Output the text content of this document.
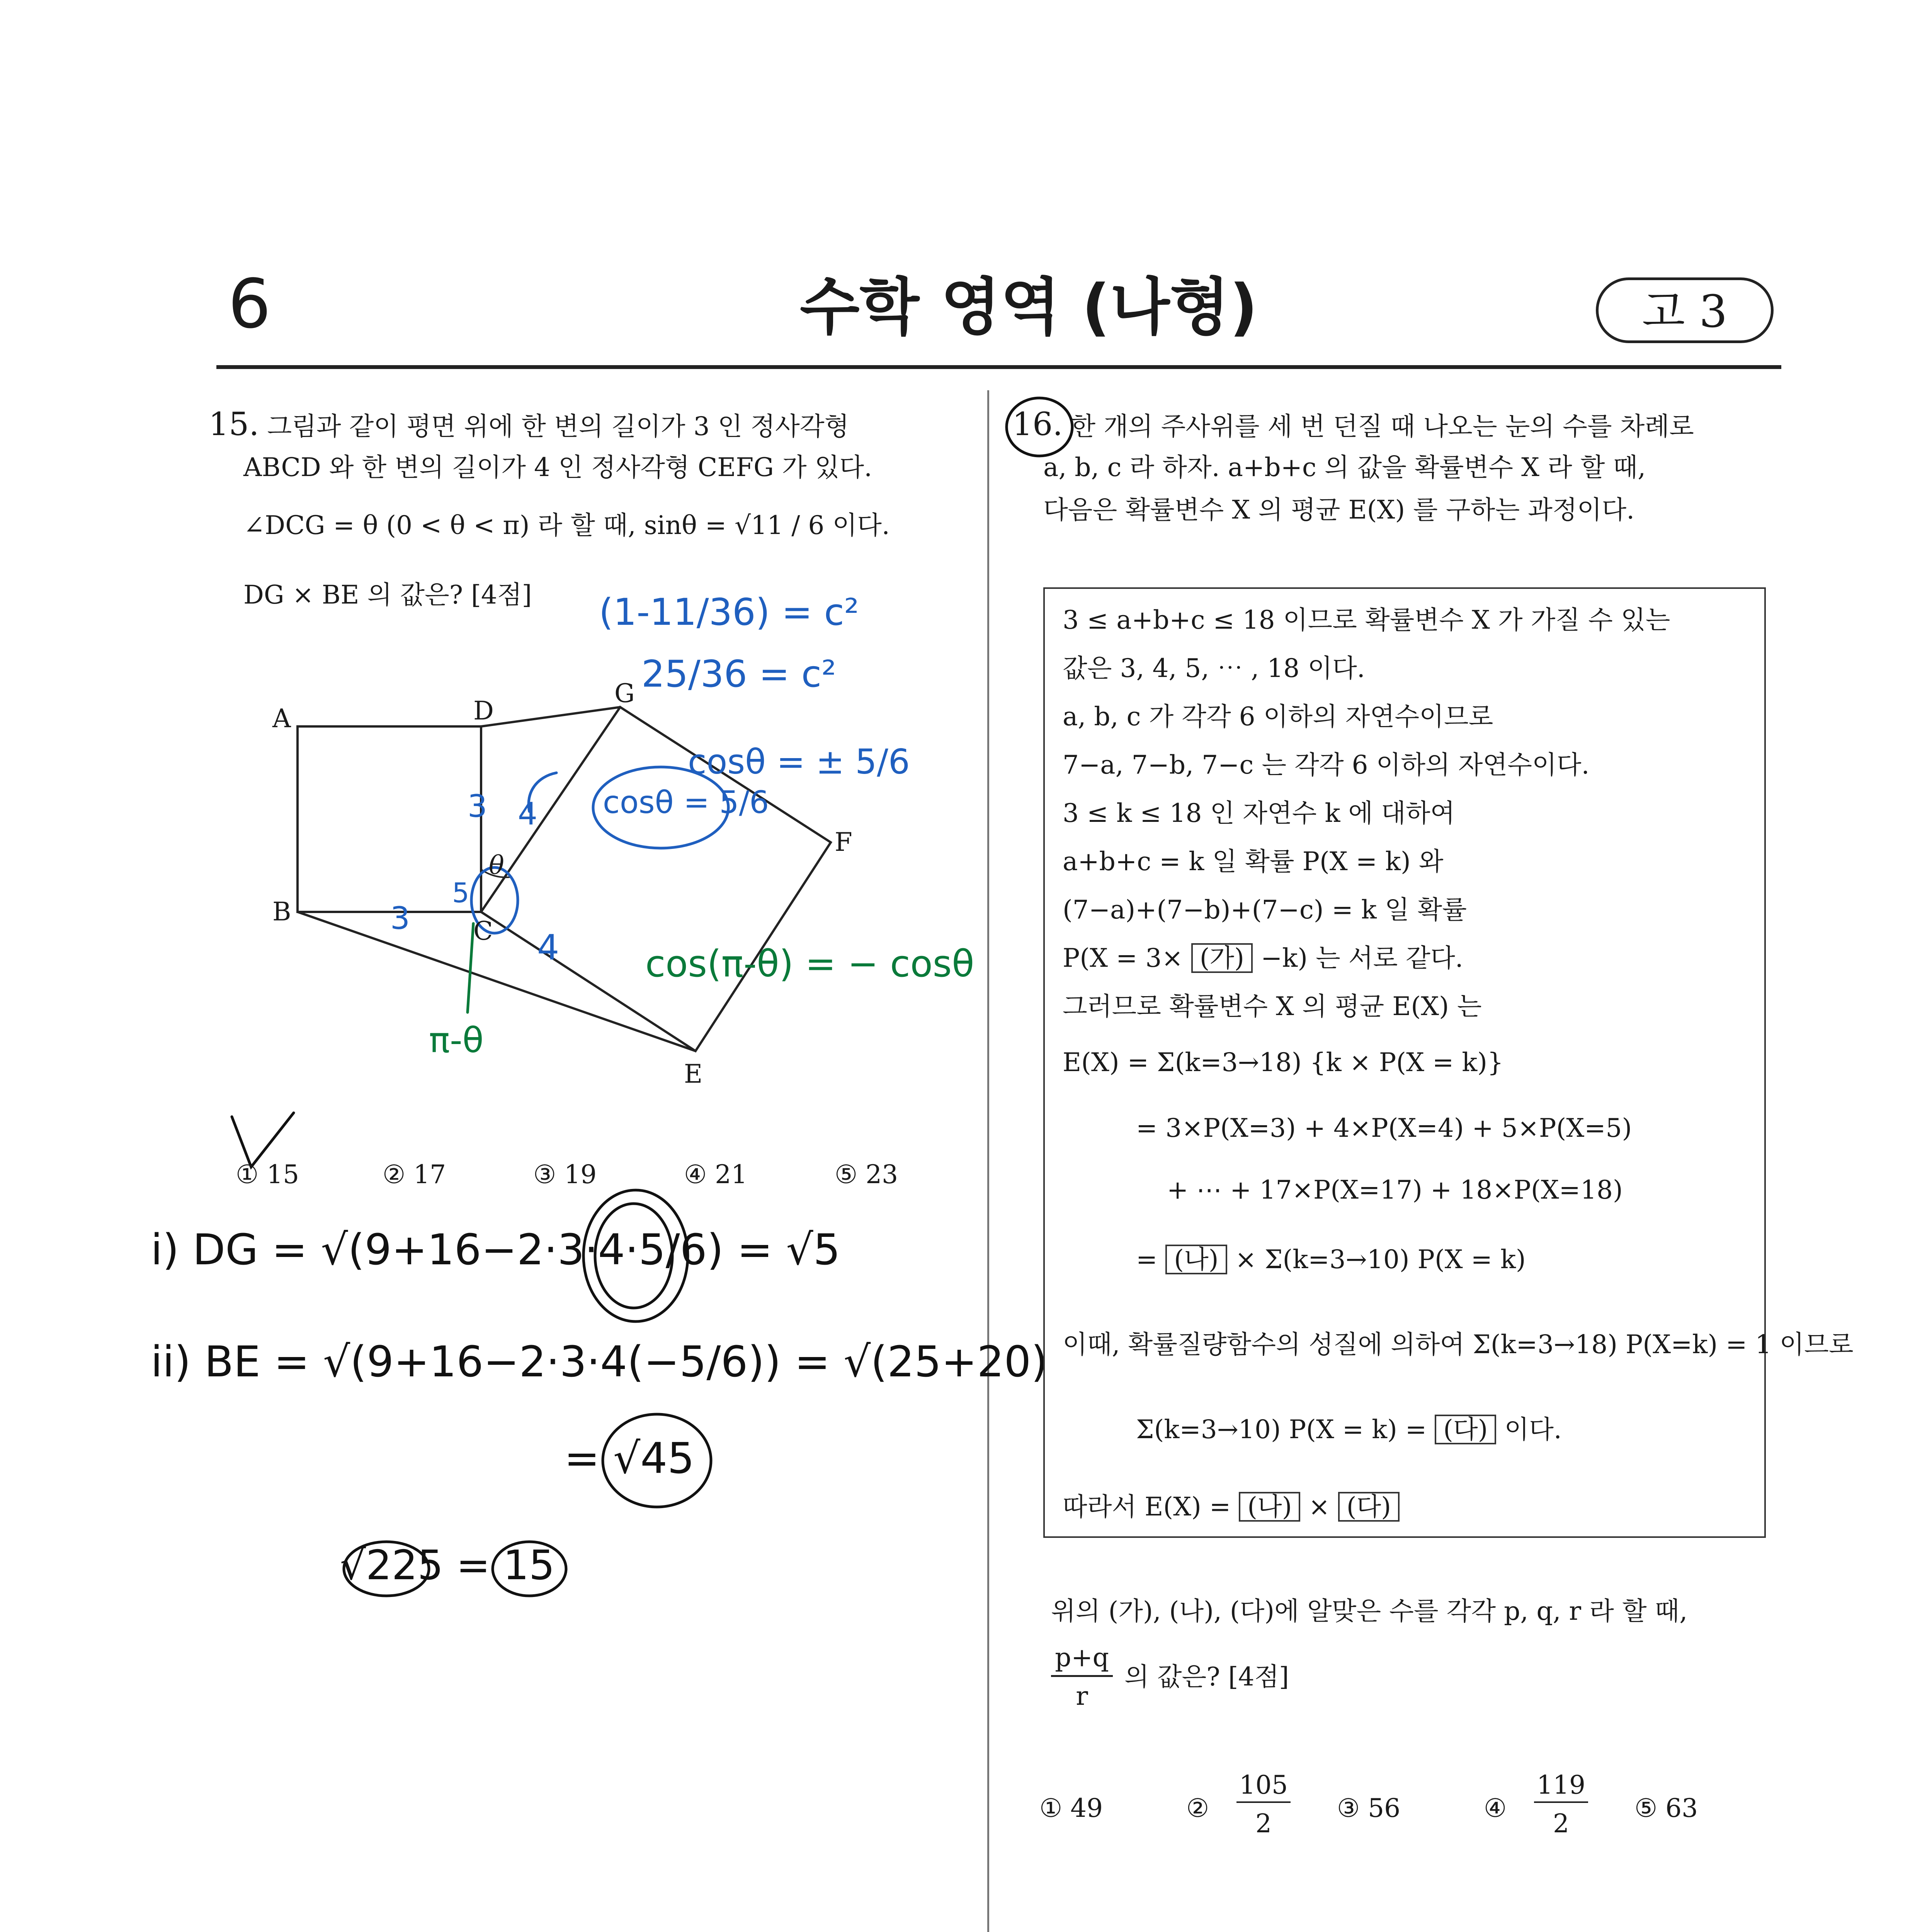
6	수학 영역 (나형)	고 3
15. 그림과 같이 평면 위에 한 변의 길이가 3 인 정사각형
ABCD 와 한 변의 길이가 4 인 정사각형 CEFG 가 있다.
∠DCG = θ (0 < θ < π) 라 할 때, sinθ = √11 / 6 이다.
DG × BE 의 값은? [4점]
A	D
G
F
B
C
E
θ
① 15	② 17	③ 19	④ 21	⑤ 23
(1-11/36) = c²
25/36 = c²
cosθ = ± 5/6
cosθ = 5/6
3 4
4
3
5
cos(π-θ) = − cosθ
π-θ
i) DG = √(9+16−2·3·4·5/6) = √5
ii) BE = √(9+16−2·3·4(−5/6)) = √(25+20)
= √45
√225 = 15
16. 한 개의 주사위를 세 번 던질 때 나오는 눈의 수를 차례로
a, b, c 라 하자. a+b+c 의 값을 확률변수 X 라 할 때,
다음은 확률변수 X 의 평균 E(X) 를 구하는 과정이다.
3 ≤ a+b+c ≤ 18 이므로 확률변수 X 가 가질 수 있는
값은 3, 4, 5, ⋯ , 18 이다.
a, b, c 가 각각 6 이하의 자연수이므로
7−a, 7−b, 7−c 는 각각 6 이하의 자연수이다.
3 ≤ k ≤ 18 인 자연수 k 에 대하여
a+b+c = k 일 확률 P(X = k) 와
(7−a)+(7−b)+(7−c) = k 일 확률
P(X = 3× (가) −k) 는 서로 같다.
그러므로 확률변수 X 의 평균 E(X) 는
E(X) = Σ(k=3→18) {k × P(X = k)}
= 3×P(X=3) + 4×P(X=4) + 5×P(X=5)
+ ⋯ + 17×P(X=17) + 18×P(X=18)
= (나) × Σ(k=3→10) P(X = k)
이때, 확률질량함수의 성질에 의하여 Σ(k=3→18) P(X=k) = 1 이므로
Σ(k=3→10) P(X = k) = (다) 이다.
따라서 E(X) = (나) × (다)
위의 (가), (나), (다)에 알맞은 수를 각각 p, q, r 라 할 때,
p+q
r
의 값은? [4점]
① 49	②
105
2
③ 56	④
119
2
⑤ 63
